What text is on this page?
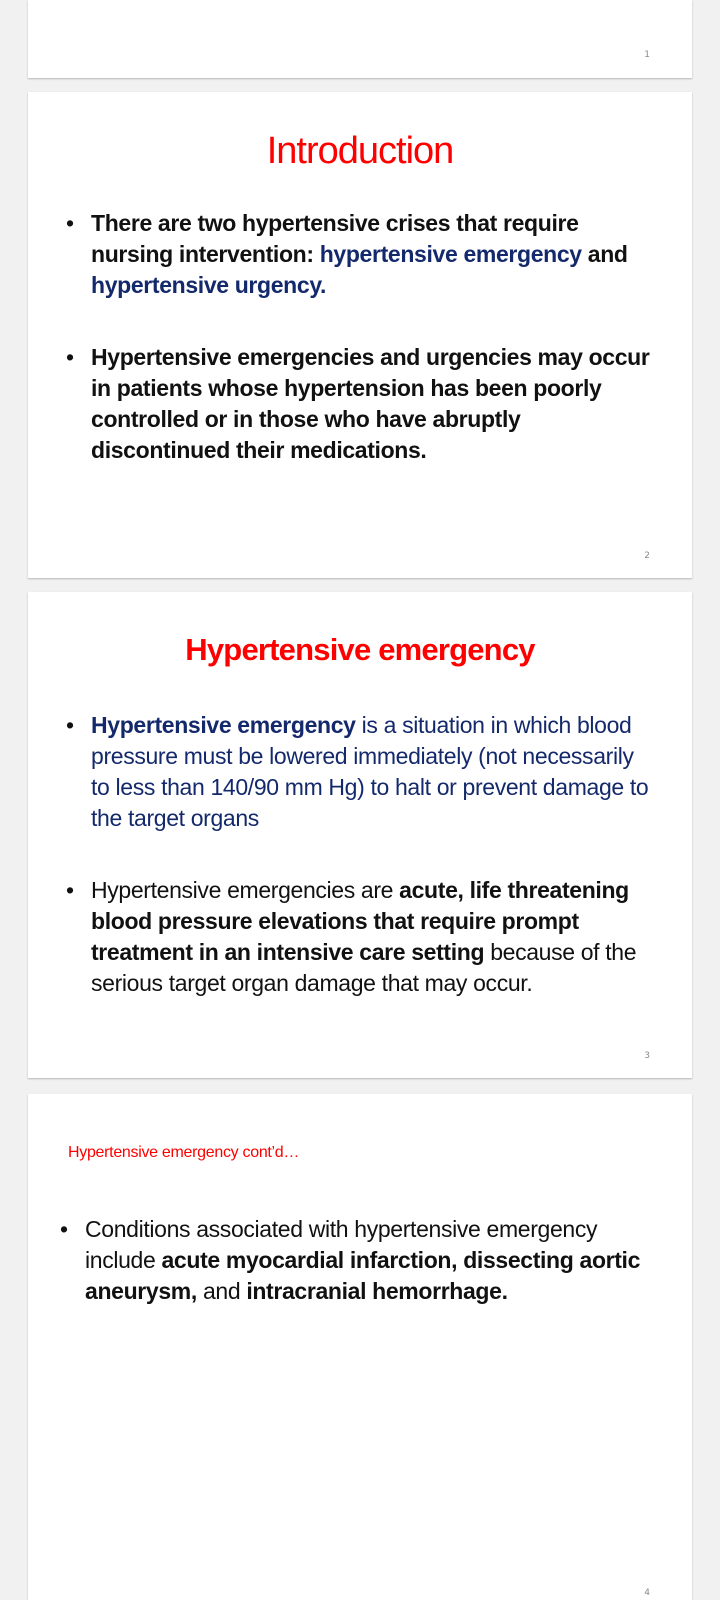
1
Introduction
• There are two hypertensive crises that require nursing intervention: hypertensive emergency and hypertensive urgency.
• Hypertensive emergencies and urgencies may occur in patients whose hypertension has been poorly controlled or in those who have abruptly discontinued their medications.
2
Hypertensive emergency
• Hypertensive emergency is a situation in which blood pressure must be lowered immediately (not necessarily to less than 140/90 mm Hg) to halt or prevent damage to the target organs
• Hypertensive emergencies are acute, life threatening blood pressure elevations that require prompt treatment in an intensive care setting because of the serious target organ damage that may occur.
3
Hypertensive emergency cont’d…
• Conditions associated with hypertensive emergency include acute myocardial infarction, dissecting aortic aneurysm, and intracranial hemorrhage.
4
